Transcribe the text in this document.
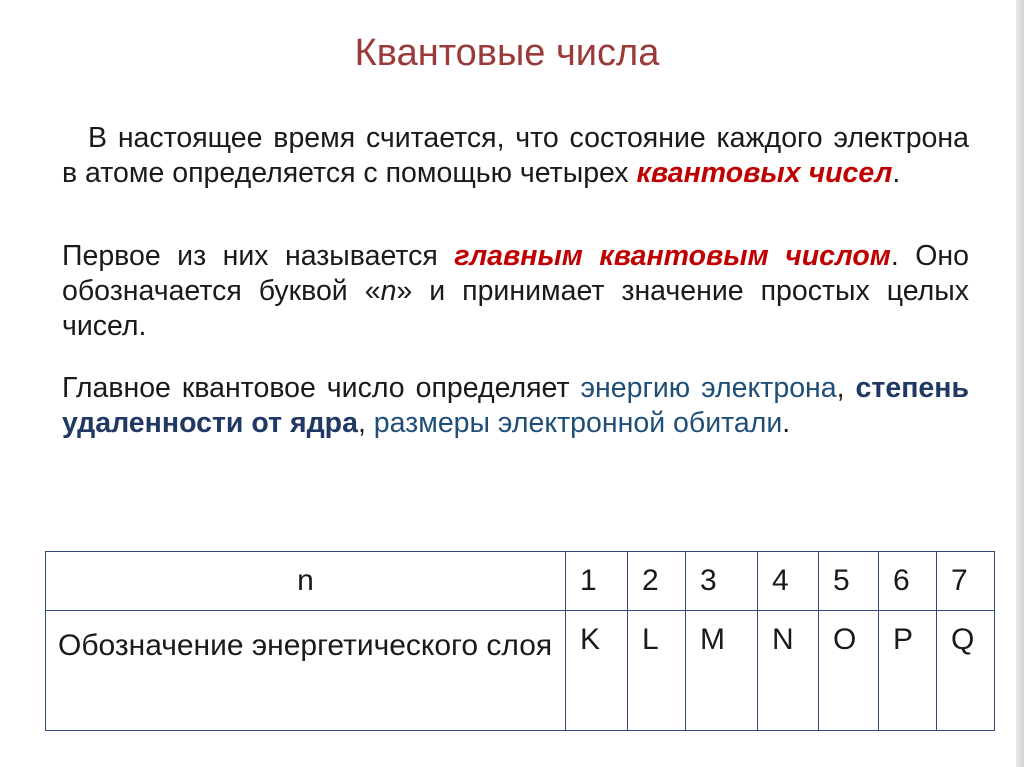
Квантовые числа
В настоящее время считается, что состояние каждого электрона в атоме определяется с помощью четырех квантовых чисел.
Первое из них называется главным квантовым числом. Оно обозначается буквой «n» и принимает значение простых целых чисел.
Главное квантовое число определяет энергию электрона, степень удаленности от ядра, размеры электронной обитали.
n	1	2	3	4	5	6	7
Обозначение энергетического слоя	K	L	M	N	O	P	Q
